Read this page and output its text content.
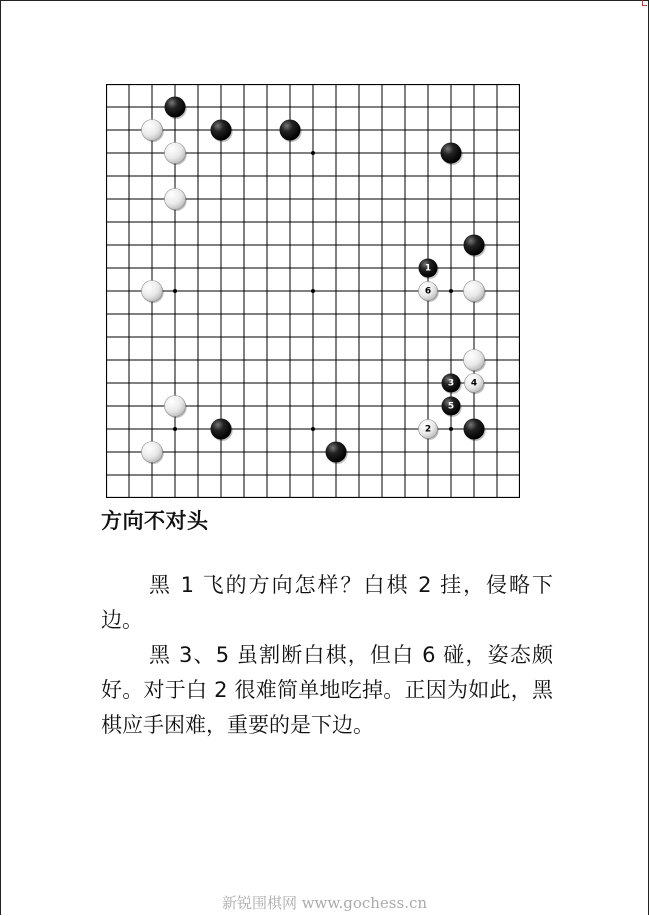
1
6
3 4
5
2
方向不对头
黑 1 飞的方向怎样？白棋 2 挂，侵略下边。
黑 3、5 虽割断白棋，但白 6 碰，姿态颇好。对于白 2 很难简单地吃掉。正因为如此，黑棋应手困难，重要的是下边。
新锐围棋网 www.gochess.cn
